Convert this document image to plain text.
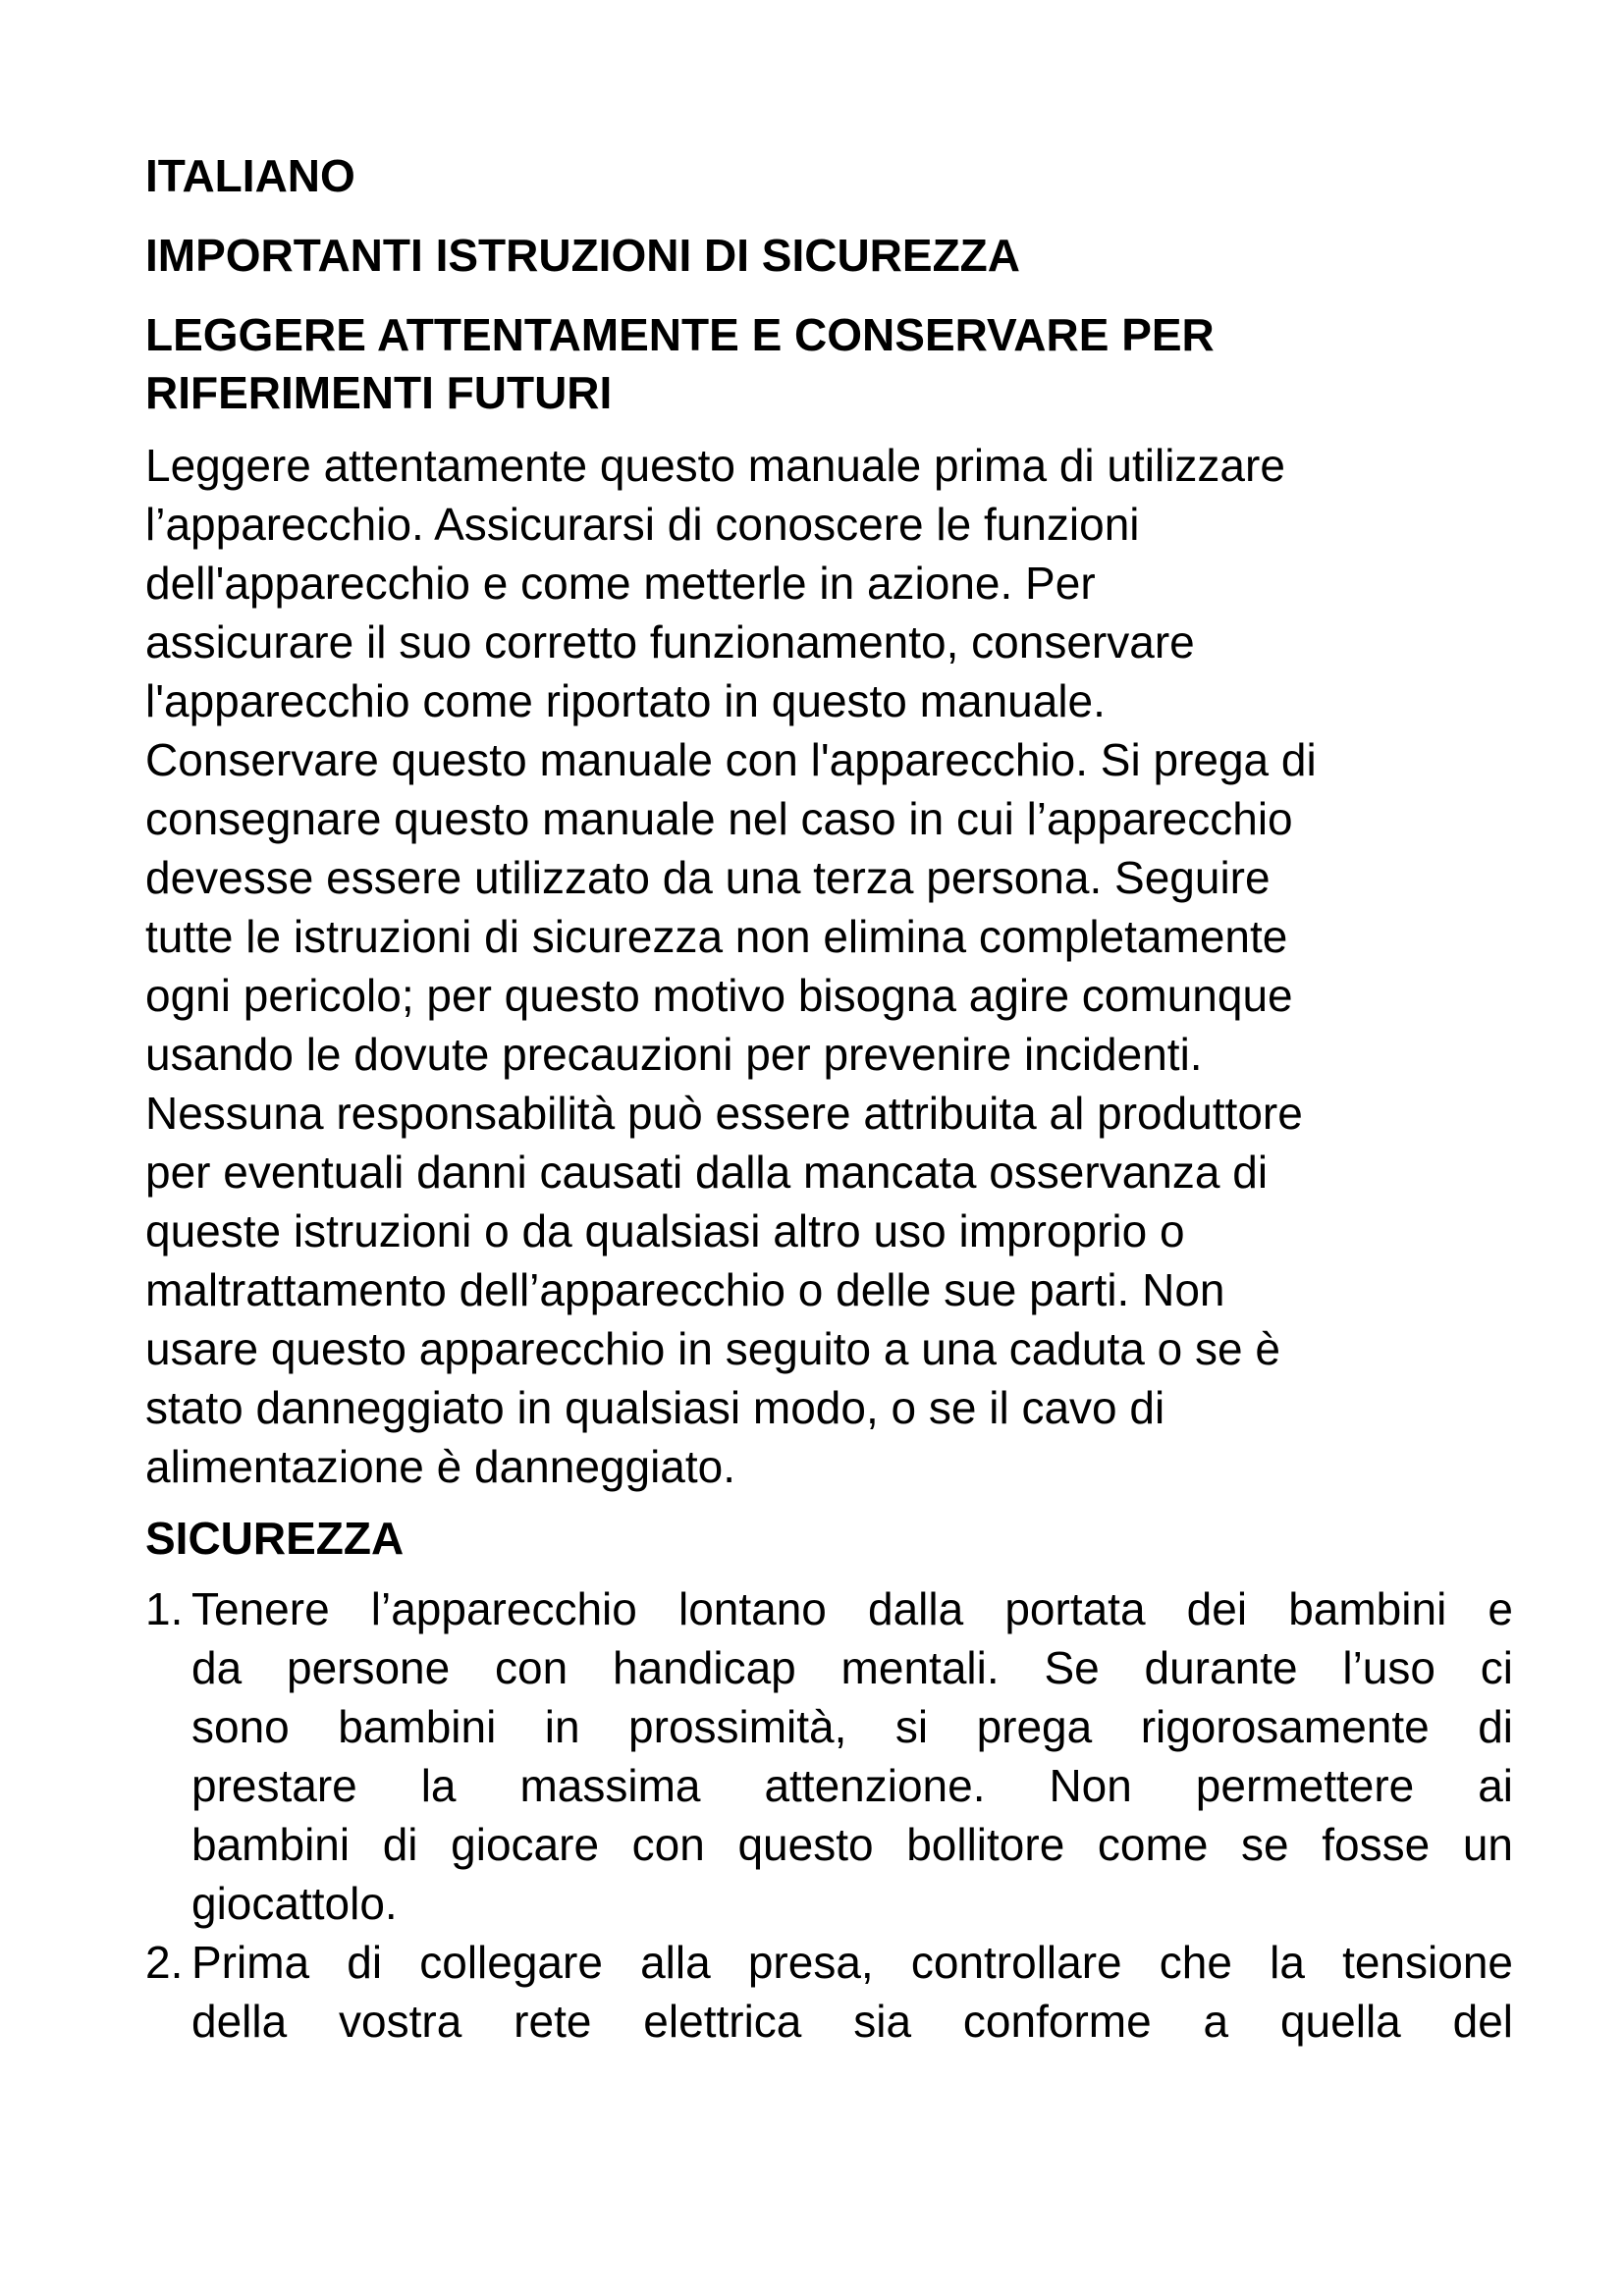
ITALIANO
IMPORTANTI ISTRUZIONI DI SICUREZZA
LEGGERE ATTENTAMENTE E CONSERVARE PER
RIFERIMENTI FUTURI

Leggere attentamente questo manuale prima di utilizzare
l’apparecchio. Assicurarsi di conoscere le funzioni
dell'apparecchio e come metterle in azione. Per
assicurare il suo corretto funzionamento, conservare
l'apparecchio come riportato in questo manuale.
Conservare questo manuale con l'apparecchio. Si prega di
consegnare questo manuale nel caso in cui l’apparecchio
devesse essere utilizzato da una terza persona. Seguire
tutte le istruzioni di sicurezza non elimina completamente
ogni pericolo; per questo motivo bisogna agire comunque
usando le dovute precauzioni per prevenire incidenti.
Nessuna responsabilità può essere attribuita al produttore
per eventuali danni causati dalla mancata osservanza di
queste istruzioni o da qualsiasi altro uso improprio o
maltrattamento dell’apparecchio o delle sue parti. Non
usare questo apparecchio in seguito a una caduta o se è
stato danneggiato in qualsiasi modo, o se il cavo di
alimentazione è danneggiato.

SICUREZZA
1. Tenere l’apparecchio lontano dalla portata dei bambini e
da persone con handicap mentali. Se durante l’uso ci
sono bambini in prossimità, si prega rigorosamente di
prestare la massima attenzione. Non permettere ai
bambini di giocare con questo bollitore come se fosse un
giocattolo.
2. Prima di collegare alla presa, controllare che la tensione
della vostra rete elettrica sia conforme a quella del
